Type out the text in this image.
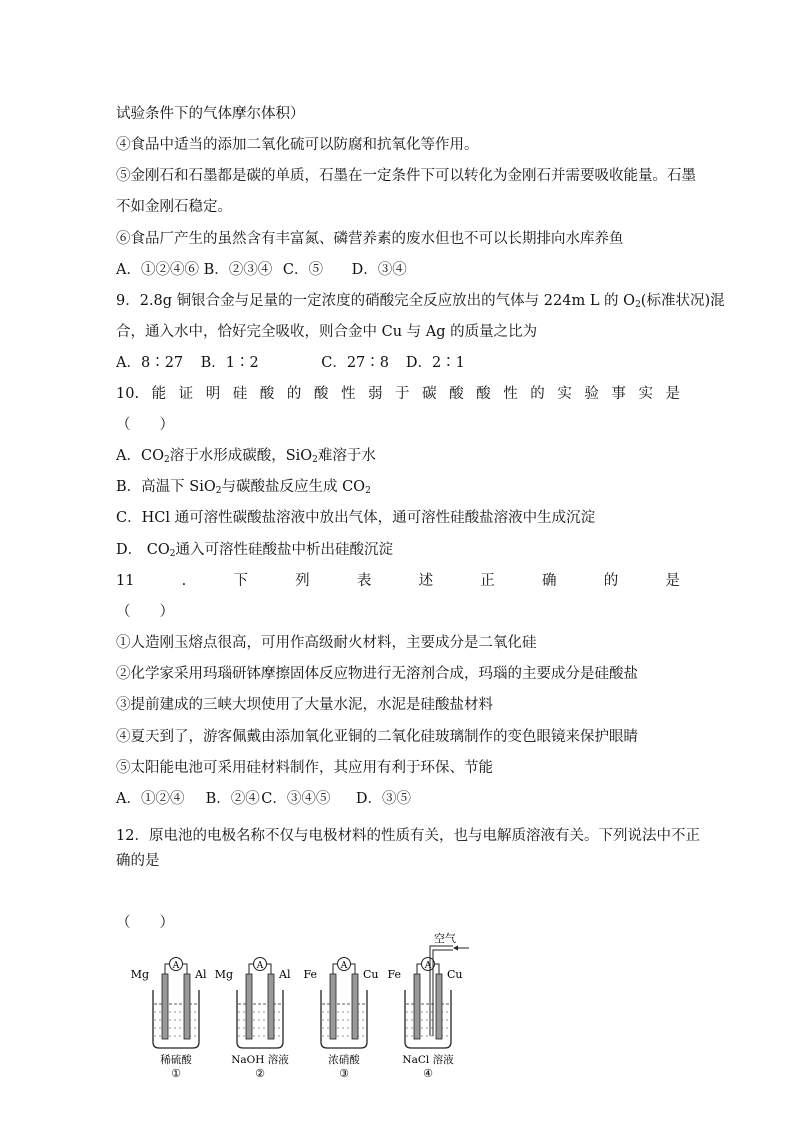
试验条件下的气体摩尔体积）
④食品中适当的添加二氧化硫可以防腐和抗氧化等作用。
⑤金刚石和石墨都是碳的单质，石墨在一定条件下可以转化为金刚石并需要吸收能量。石墨
不如金刚石稳定。
⑥食品厂产生的虽然含有丰富氮、磷营养素的废水但也不可以长期排向水库养鱼
A．①②④⑥ B．②③④ C．⑤ D．③④
9．2.8g 铜银合金与足量的一定浓度的硝酸完全反应放出的气体与 224m L 的 $O_2$(标准状况)混
合，通入水中，恰好完全吸收，则合金中 Cu 与 Ag 的质量之比为
A．8∶27 B．1∶2	C．27∶8 D．2∶1
10. 能 证 明 硅 酸 的 酸 性 弱 于 碳 酸 酸 性 的 实 验 事 实 是
（　　）
A．$CO_2$溶于水形成碳酸，SiO$_2$难溶于水
B．高温下 SiO$_2$与碳酸盐反应生成 $CO_2$
C．HCl 通可溶性碳酸盐溶液中放出气体，通可溶性硅酸盐溶液中生成沉淀
D． $CO_2$通入可溶性硅酸盐中析出硅酸沉淀
11	.	下	列	表	述	正	确	的	是
（　　）
①人造刚玉熔点很高，可用作高级耐火材料，主要成分是二氧化硅
②化学家采用玛瑙研钵摩擦固体反应物进行无溶剂合成，玛瑙的主要成分是硅酸盐
③提前建成的三峡大坝使用了大量水泥，水泥是硅酸盐材料
④夏天到了，游客佩戴由添加氧化亚铜的二氧化硅玻璃制作的变色眼镜来保护眼睛
⑤太阳能电池可采用硅材料制作，其应用有利于环保、节能
A．①②④ B．②④ C．③④⑤ D．③⑤
12．原电池的电极名称不仅与电极材料的性质有关，也与电解质溶液有关。下列说法中不正
确的是
（　　）
A
Mg	Al
稀硫酸
①
A
Mg	Al
NaOH 溶液
②
A
Fe	Cu
浓硝酸
③
A
Fe	Cu
空气
NaCl 溶液
④
